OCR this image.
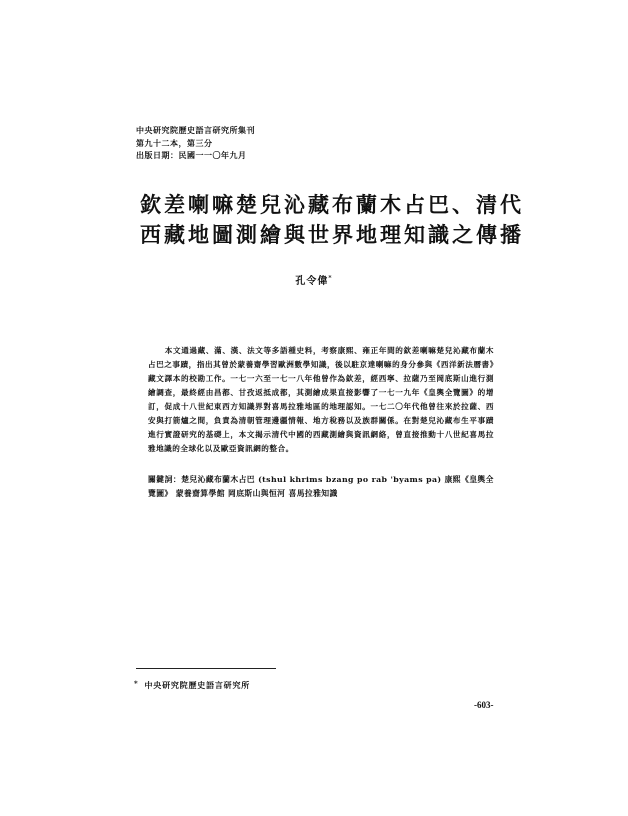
中央研究院歷史語言研究所集刊
第九十二本，第三分
出版日期：民國一一〇年九月
欽差喇嘛楚兒沁藏布蘭木占巴、清代
西藏地圖測繪與世界地理知識之傳播
孔令偉*

本文通過藏、滿、漢、法文等多語種史料，考察康熙、雍正年間的欽差喇嘛楚兒沁藏布蘭木占巴之事蹟，指出其曾於蒙養齋學習歐洲數學知識，後以駐京達喇嘛的身分參與《西洋新法曆書》藏文譯本的校勘工作。一七一六至一七一八年他曾作為欽差，經西寧、拉薩乃至岡底斯山進行測繪調查，最終經由昌都、甘孜返抵成都，其測繪成果直接影響了一七一九年《皇輿全覽圖》的增訂，促成十八世紀東西方知識界對喜馬拉雅地區的地理認知。一七二〇年代他曾往來於拉薩、西安與打箭爐之間，負責為清朝管理邊疆情報、地方稅務以及族群關係。在對楚兒沁藏布生平事蹟進行實證研究的基礎上，本文揭示清代中國的西藏測繪與資訊網絡，曾直接推動十八世紀喜馬拉雅地識的全球化以及歐亞資訊網的整合。

關鍵詞：楚兒沁藏布蘭木占巴 (tshul khrims bzang po rab 'byams pa) 康熙《皇輿全覽圖》 蒙養齋算學館 岡底斯山與恒河 喜馬拉雅知識
* 中央研究院歷史語言研究所
-603-
